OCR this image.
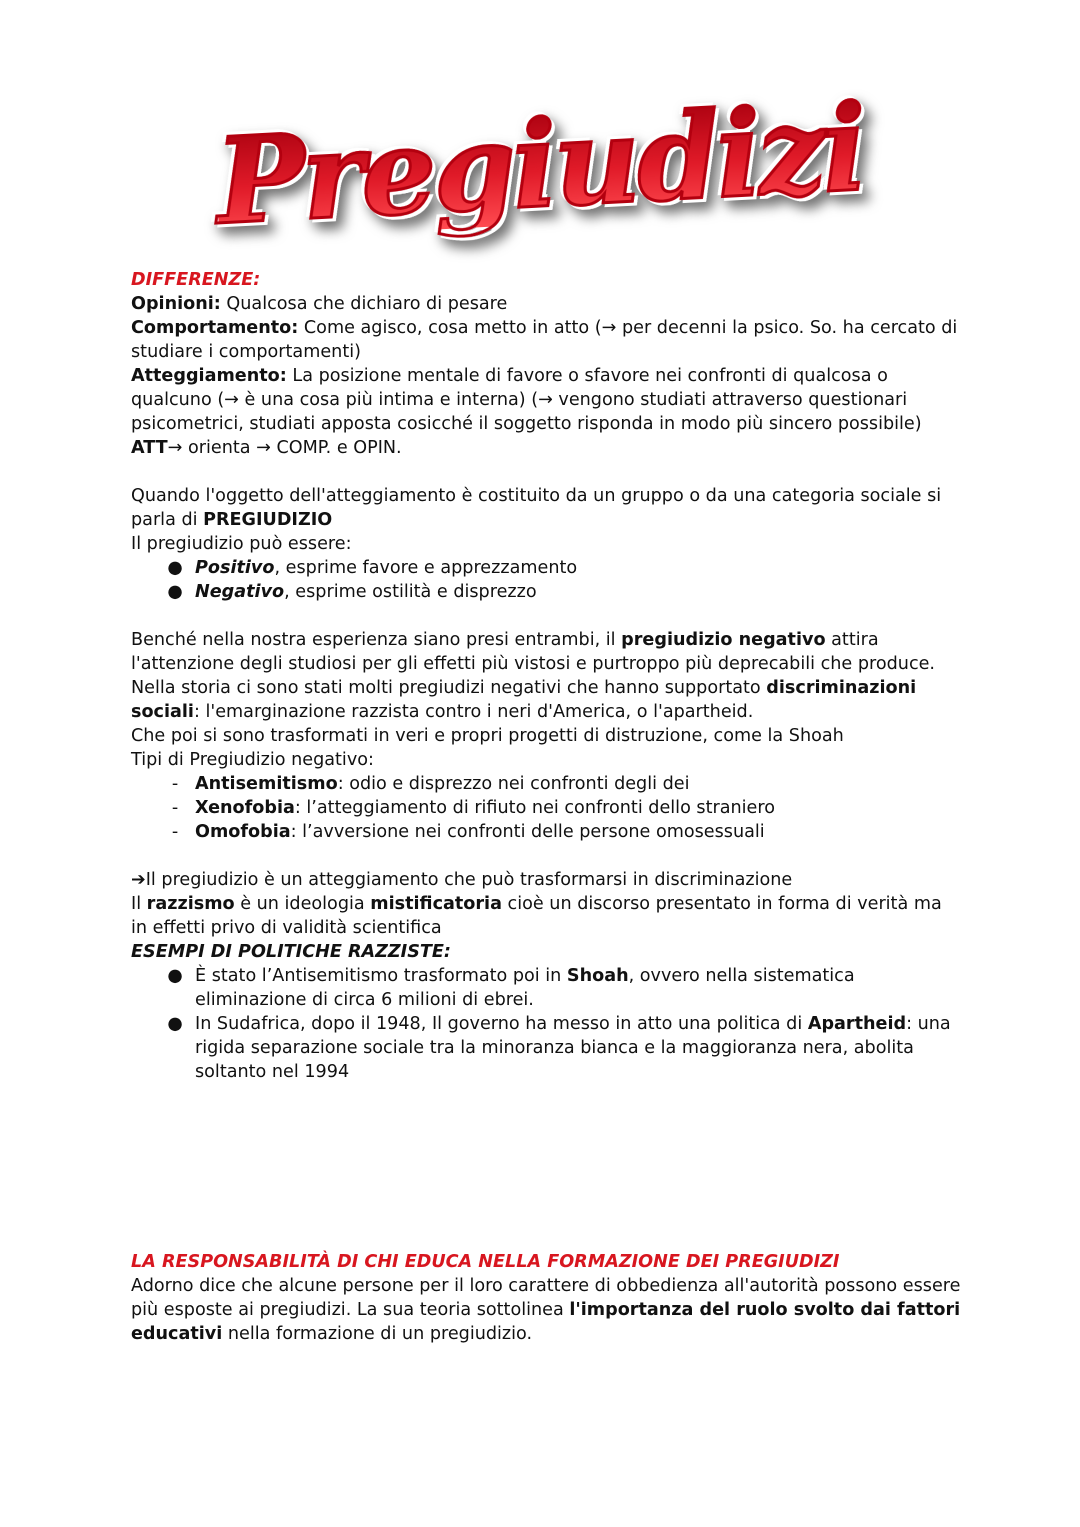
Pregiudizi

DIFFERENZE:

Opinioni: Qualcosa che dichiaro di pesare

Comportamento: Come agisco, cosa metto in atto (→ per decenni la psico. So. ha cercato di studiare i comportamenti)

Atteggiamento: La posizione mentale di favore o sfavore nei confronti di qualcosa o qualcuno (→ è una cosa più intima e interna) (→ vengono studiati attraverso questionari psicometrici, studiati apposta cosicché il soggetto risponda in modo più sincero possibile)

ATT→ orienta → COMP. e OPIN.

Quando l'oggetto dell'atteggiamento è costituito da un gruppo o da una categoria sociale si parla di PREGIUDIZIO

Il pregiudizio può essere:

● Positivo, esprime favore e apprezzamento
● Negativo, esprime ostilità e disprezzo

Benché nella nostra esperienza siano presi entrambi, il pregiudizio negativo attira l'attenzione degli studiosi per gli effetti più vistosi e purtroppo più deprecabili che produce. Nella storia ci sono stati molti pregiudizi negativi che hanno supportato discriminazioni sociali: l'emarginazione razzista contro i neri d'America, o l'apartheid.

Che poi si sono trasformati in veri e propri progetti di distruzione, come la Shoah

Tipi di Pregiudizio negativo:

- Antisemitismo: odio e disprezzo nei confronti degli dei
- Xenofobia: l’atteggiamento di rifiuto nei confronti dello straniero
- Omofobia: l’avversione nei confronti delle persone omosessuali

➔Il pregiudizio è un atteggiamento che può trasformarsi in discriminazione

Il razzismo è un ideologia mistificatoria cioè un discorso presentato in forma di verità ma in effetti privo di validità scientifica

ESEMPI DI POLITICHE RAZZISTE:

● È stato l’Antisemitismo trasformato poi in Shoah, ovvero nella sistematica eliminazione di circa 6 milioni di ebrei.
● In Sudafrica, dopo il 1948, Il governo ha messo in atto una politica di Apartheid: una rigida separazione sociale tra la minoranza bianca e la maggioranza nera, abolita soltanto nel 1994

LA RESPONSABILITÀ DI CHI EDUCA NELLA FORMAZIONE DEI PREGIUDIZI

Adorno dice che alcune persone per il loro carattere di obbedienza all'autorità possono essere più esposte ai pregiudizi. La sua teoria sottolinea l'importanza del ruolo svolto dai fattori educativi nella formazione di un pregiudizio.
